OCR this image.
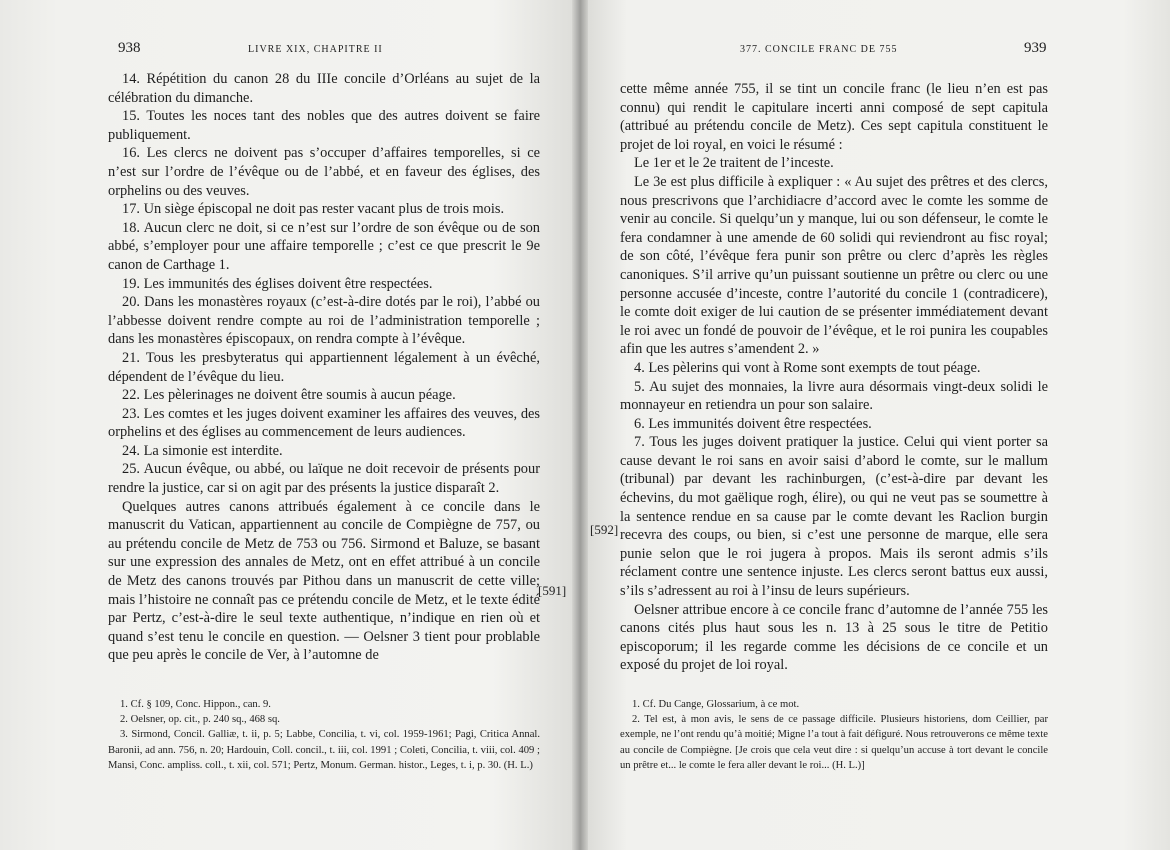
938	LIVRE XIX, CHAPITRE II

14. Répétition du canon 28 du IIIe concile d’Orléans au sujet de la célébration du dimanche.

15. Toutes les noces tant des nobles que des autres doivent se faire publiquement.

16. Les clercs ne doivent pas s’occuper d’affaires temporelles, si ce n’est sur l’ordre de l’évêque ou de l’abbé, et en faveur des églises, des orphelins ou des veuves.

17. Un siège épiscopal ne doit pas rester vacant plus de trois mois.

18. Aucun clerc ne doit, si ce n’est sur l’ordre de son évêque ou de son abbé, s’employer pour une affaire temporelle ; c’est ce que prescrit le 9e canon de Carthage 1.

19. Les immunités des églises doivent être respectées.

20. Dans les monastères royaux (c’est-à-dire dotés par le roi), l’abbé ou l’abbesse doivent rendre compte au roi de l’administration temporelle ; dans les monastères épiscopaux, on rendra compte à l’évêque.

21. Tous les presbyteratus qui appartiennent légalement à un évêché, dépendent de l’évêque du lieu.

22. Les pèlerinages ne doivent être soumis à aucun péage.

23. Les comtes et les juges doivent examiner les affaires des veuves, des orphelins et des églises au commencement de leurs audiences.

24. La simonie est interdite.

25. Aucun évêque, ou abbé, ou laïque ne doit recevoir de présents pour rendre la justice, car si on agit par des présents la justice disparaît 2.

Quelques autres canons attribués également à ce concile dans le manuscrit du Vatican, appartiennent au concile de Compiègne de 757, ou au prétendu concile de Metz de 753 ou 756. Sirmond et Baluze, se basant sur une expression des annales de Metz, ont en effet attribué à un concile de Metz des canons trouvés par Pithou dans un manuscrit de cette ville; mais l’histoire ne connaît pas ce prétendu concile de Metz, et le texte édité par Pertz, c’est-à-dire le seul texte authentique, n’indique en rien où et quand s’est tenu le concile en question. — Oelsner 3 tient pour problable que peu après le concile de Ver, à l’automne de

[591]

1. Cf. § 109, Conc. Hippon., can. 9.

2. Oelsner, op. cit., p. 240 sq., 468 sq.

3. Sirmond, Concil. Galliæ, t. ii, p. 5; Labbe, Concilia, t. vi, col. 1959-1961; Pagi, Critica Annal. Baronii, ad ann. 756, n. 20; Hardouin, Coll. concil., t. iii, col. 1991 ; Coleti, Concilia, t. viii, col. 409 ; Mansi, Conc. ampliss. coll., t. xii, col. 571; Pertz, Monum. German. histor., Leges, t. i, p. 30. (H. L.)

939
377. CONCILE FRANC DE 755

cette même année 755, il se tint un concile franc (le lieu n’en est pas connu) qui rendit le capitulare incerti anni composé de sept capitula (attribué au prétendu concile de Metz). Ces sept capitula constituent le projet de loi royal, en voici le résumé :

Le 1er et le 2e traitent de l’inceste.

Le 3e est plus difficile à expliquer : « Au sujet des prêtres et des clercs, nous prescrivons que l’archidiacre d’accord avec le comte les somme de venir au concile. Si quelqu’un y manque, lui ou son défenseur, le comte le fera condamner à une amende de 60 solidi qui reviendront au fisc royal; de son côté, l’évêque fera punir son prêtre ou clerc d’après les règles canoniques. S’il arrive qu’un puissant soutienne un prêtre ou clerc ou une personne accusée d’inceste, contre l’autorité du concile 1 (contradicere), le comte doit exiger de lui caution de se présenter immédiatement devant le roi avec un fondé de pouvoir de l’évêque, et le roi punira les coupables afin que les autres s’amendent 2. »

4. Les pèlerins qui vont à Rome sont exempts de tout péage.

5. Au sujet des monnaies, la livre aura désormais vingt-deux solidi le monnayeur en retiendra un pour son salaire.

6. Les immunités doivent être respectées.

7. Tous les juges doivent pratiquer la justice. Celui qui vient porter sa cause devant le roi sans en avoir saisi d’abord le comte, sur le mallum (tribunal) par devant les rachinburgen, (c’est-à-dire par devant les échevins, du mot gaëlique rogh, élire), ou qui ne veut pas se soumettre à la sentence rendue en sa cause par le comte devant les Raclion burgin recevra des coups, ou bien, si c’est une personne de marque, elle sera punie selon que le roi jugera à propos. Mais ils seront admis s’ils réclament contre une sentence injuste. Les clercs seront battus eux aussi, s’ils s’adressent au roi à l’insu de leurs supérieurs.

Oelsner attribue encore à ce concile franc d’automne de l’année 755 les canons cités plus haut sous les n. 13 à 25 sous le titre de Petitio episcoporum; il les regarde comme les décisions de ce concile et un exposé du projet de loi royal.

[592]

1. Cf. Du Cange, Glossarium, à ce mot.

2. Tel est, à mon avis, le sens de ce passage difficile. Plusieurs historiens, dom Ceillier, par exemple, ne l’ont rendu qu’à moitié; Migne l’a tout à fait défiguré. Nous retrouverons ce même texte au concile de Compiègne. [Je crois que cela veut dire : si quelqu’un accuse à tort devant le concile un prêtre et... le comte le fera aller devant le roi... (H. L.)]
